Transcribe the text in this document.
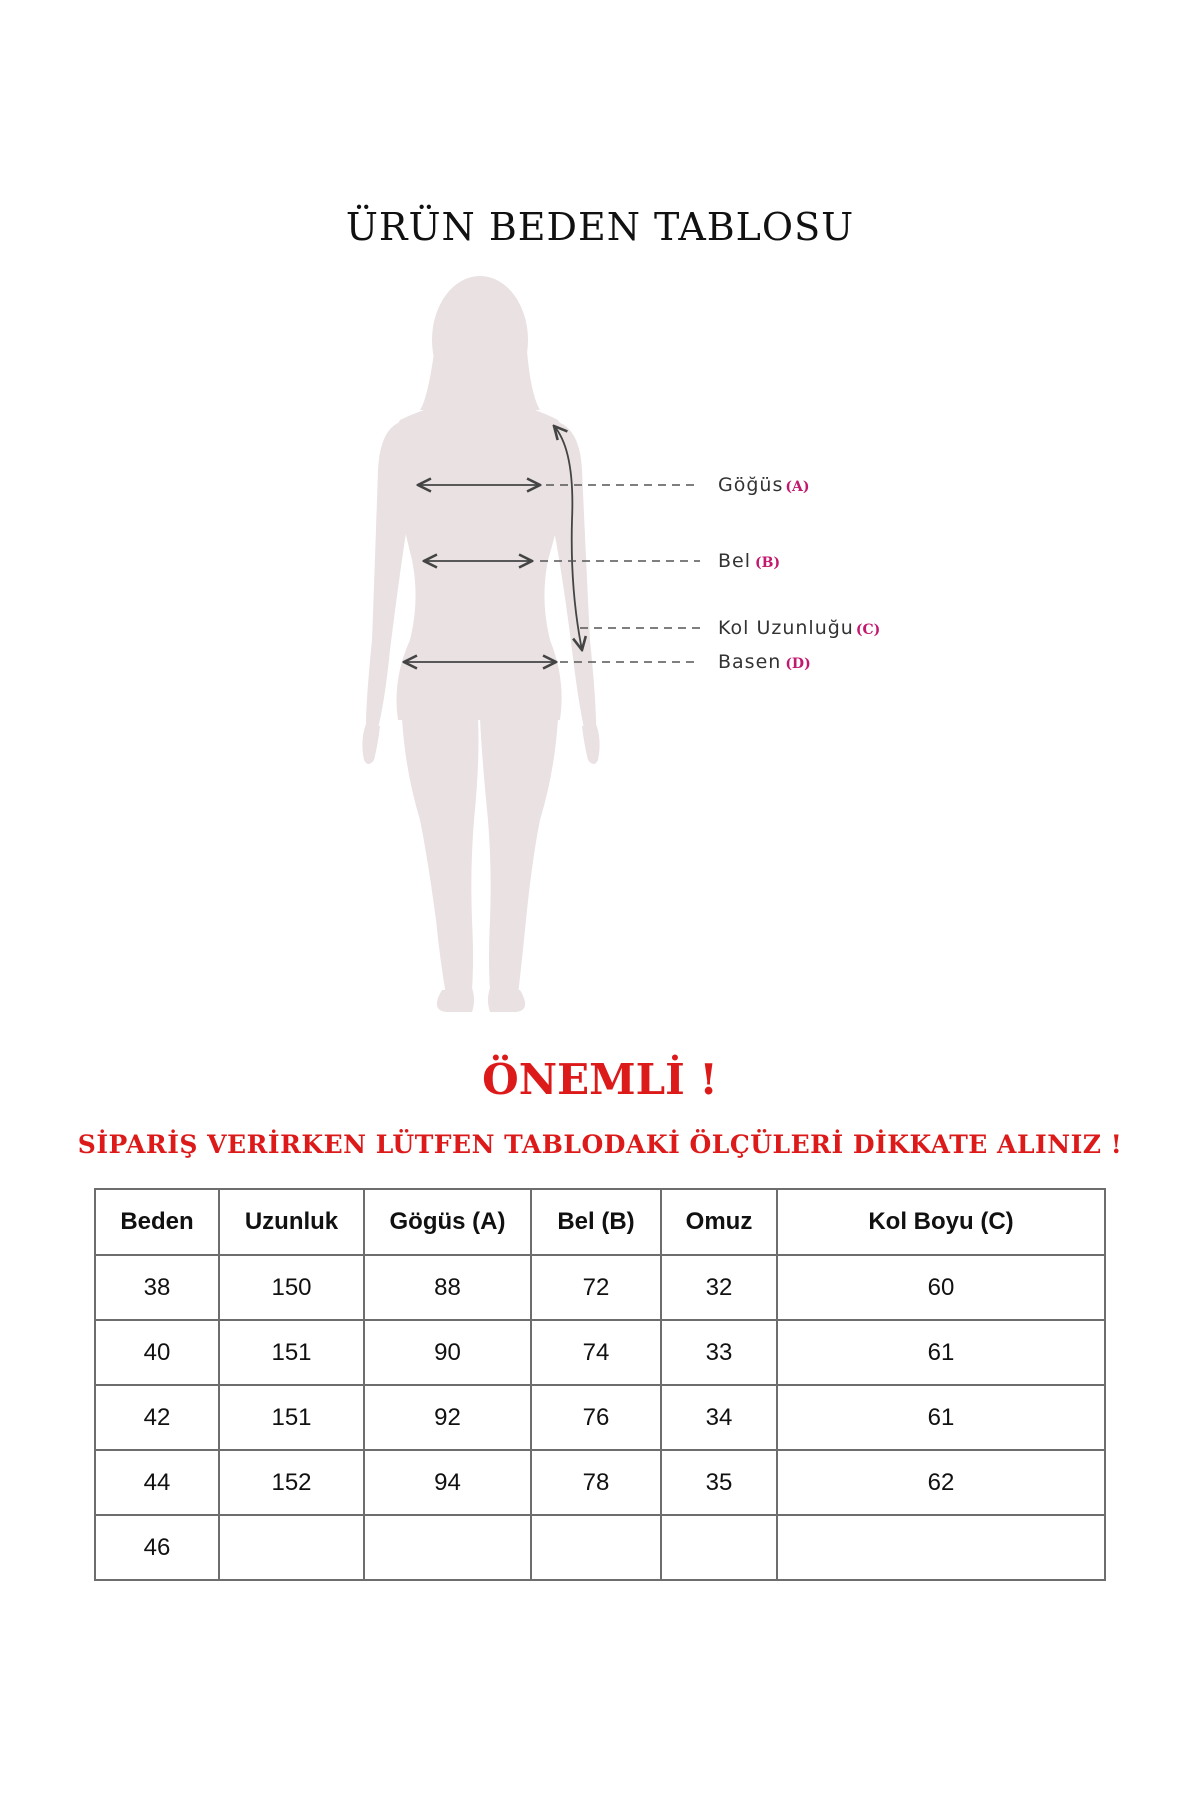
ÜRÜN BEDEN TABLOSU
Göğüs (A)
Bel (B)
Kol Uzunluğu (C)
Basen (D)
ÖNEMLİ !
SİPARİŞ VERİRKEN LÜTFEN TABLODAKİ ÖLÇÜLERİ DİKKATE ALINIZ !
Beden	Uzunluk	Gögüs (A)	Bel (B)	Omuz	Kol Boyu (C)
38	150	88	72	32	60
40	151	90	74	33	61
42	151	92	76	34	61
44	152	94	78	35	62
46					
